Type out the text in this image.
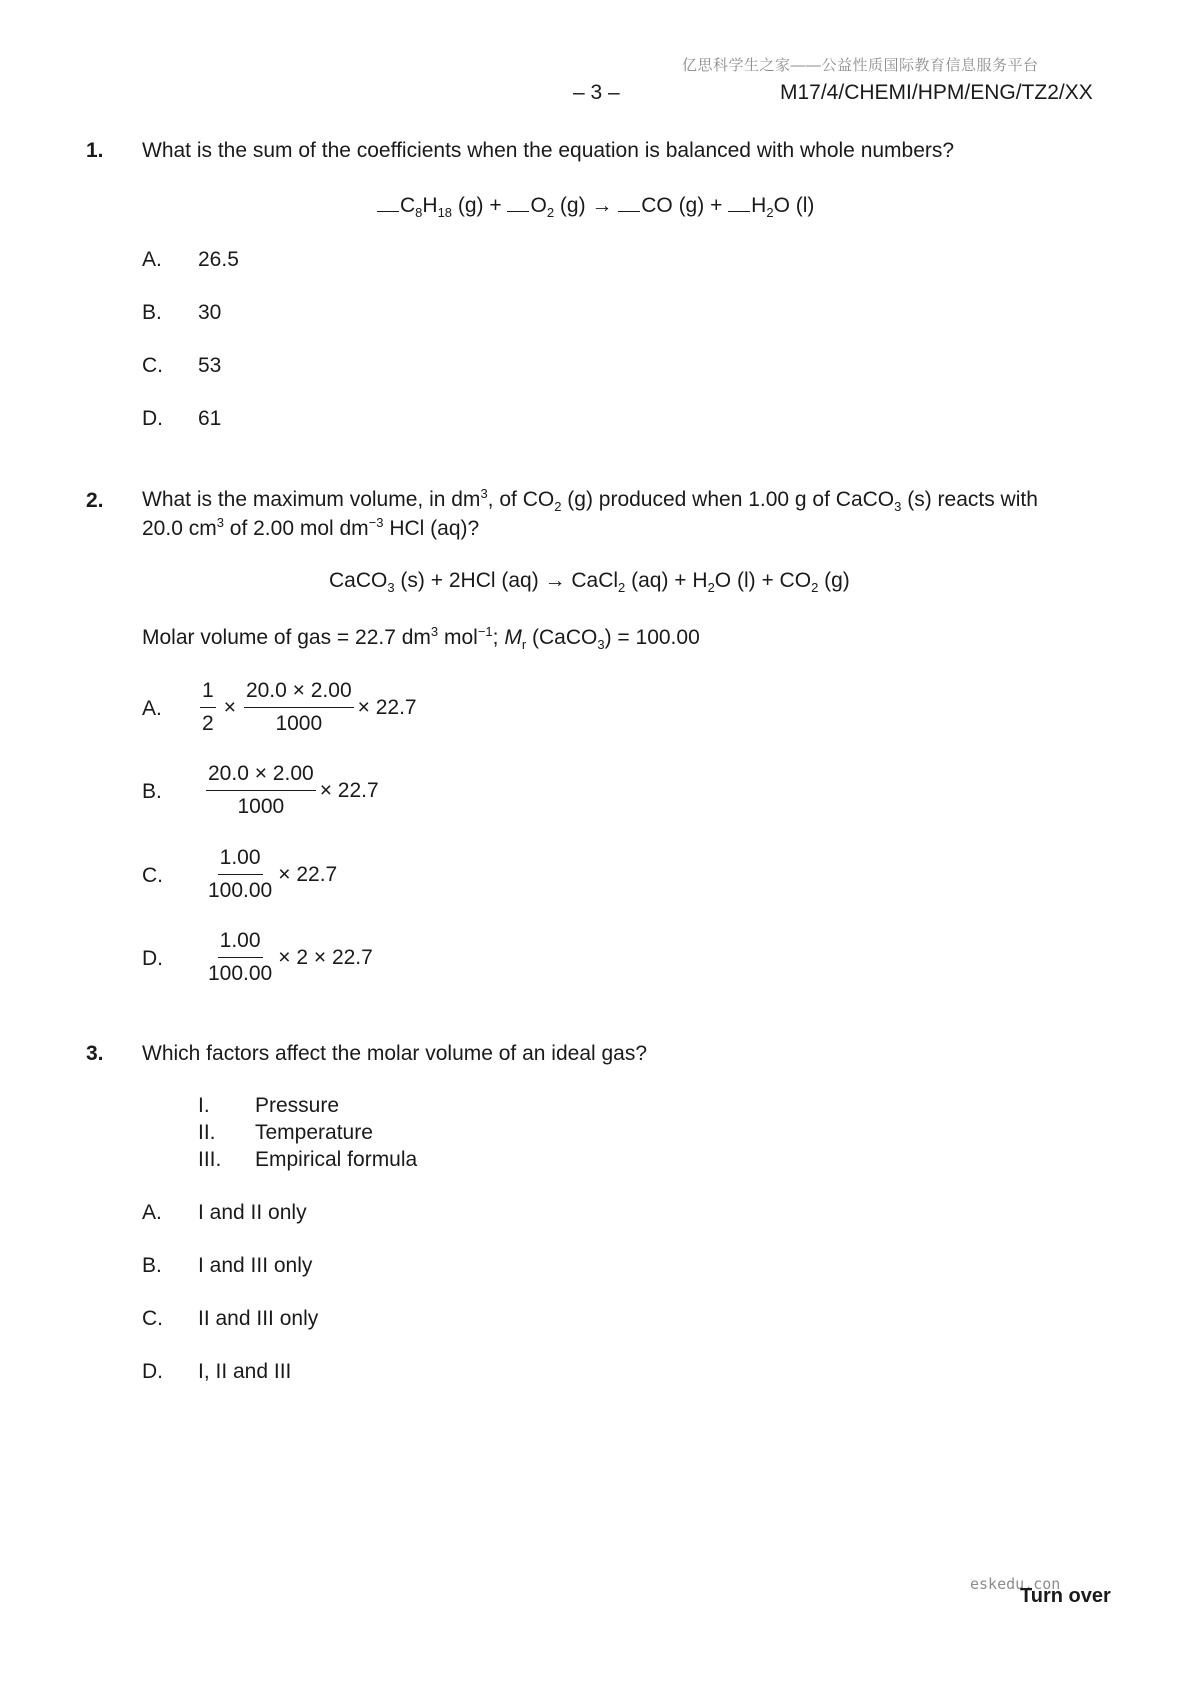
亿思科学生之家——公益性质国际教育信息服务平台
– 3 –	M17/4/CHEMI/HPM/ENG/TZ2/XX
1. What is the sum of the coefficients when the equation is balanced with whole numbers?
$C_8H_{18}$ $(g) + O_2$ (g) → CO $(g) + H_2O$ (l)
A. 26.5
B. 30
C. 53
D. 61
2. What is the maximum volume, in $dm^3$, of $CO_2$ (g) produced when 1.00 g of CaCO$_3$ (s) reacts with
20.0 $cm^3$ of 2.00 mol $dm^{-3}$ HCl (aq)?
CaCO$_3$ (s) + 2HCl (aq) → CaCl$_2$ $(aq) + H_2O$ $(l) + CO_2$ (g)
Molar volume of gas = 22.7 $dm^3$ mol$^{-1}$; $M_r$ (CaCO$_3$) = 100.00
A. $\frac{1}{2} \times \frac{20.0 \times 2.00}{1000} \times 22.7$
B. $\frac{20.0 \times 2.00}{1000} \times 22.7$
C. $\frac{1.00}{100.00} \times 22.7$
D. $\frac{1.00}{100.00} \times 2 \times 22.7$
3. Which factors affect the molar volume of an ideal gas?
I. Pressure
II. Temperature
III. Empirical formula
A. I and II only
B. I and III only
C. II and III only
D. I, II and III
eskedu.con
Turn over
